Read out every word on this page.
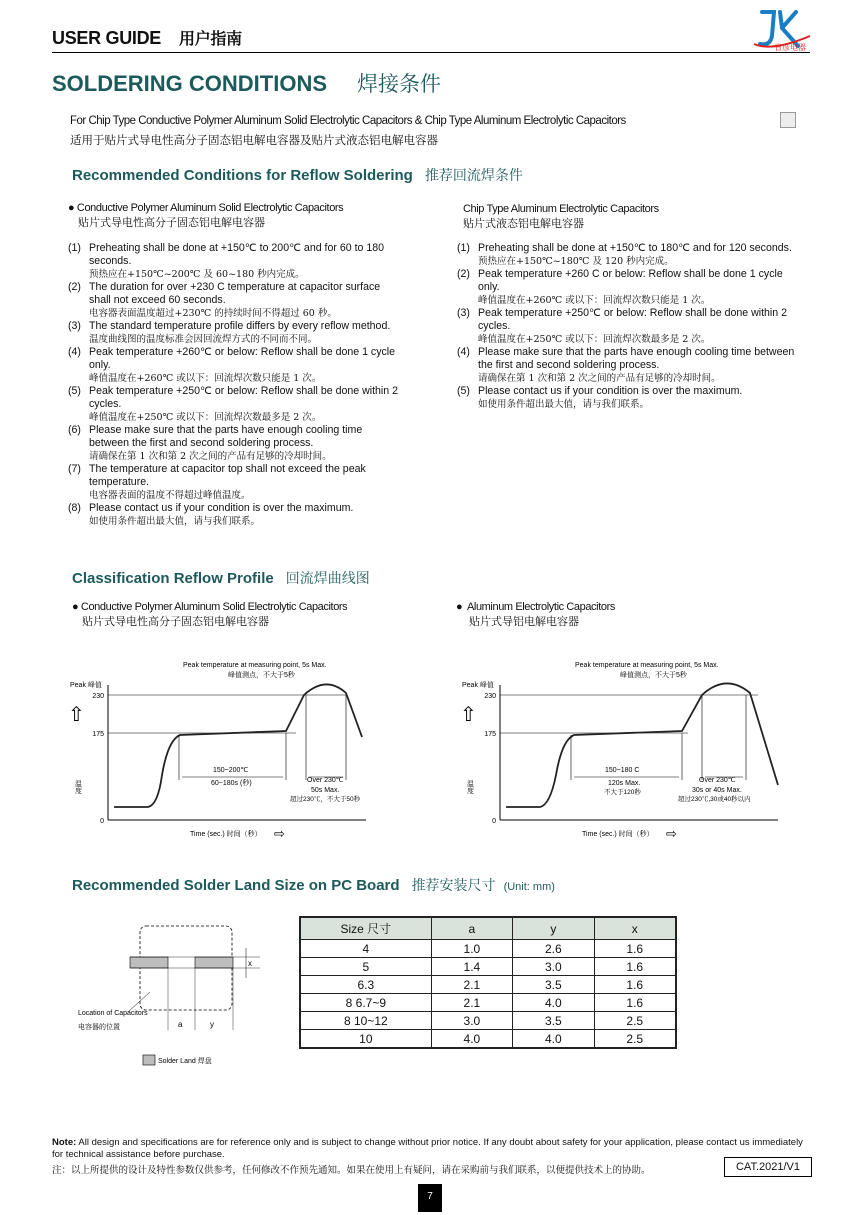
USER GUIDE 用户指南	省彦电器
SOLDERING CONDITIONS 焊接条件
For Chip Type Conductive Polymer Aluminum Solid Electrolytic Capacitors & Chip Type Aluminum Electrolytic Capacitors
适用于贴片式导电性高分子固态铝电解电容器及贴片式液态铝电解电容器
Recommended Conditions for Reflow Soldering 推荐回流焊条件
● Conductive Polymer Aluminum Solid Electrolytic Capacitors
贴片式导电性高分子固态铝电解电容器
(1) Preheating shall be done at +150℃ to 200℃ and for 60 to 180 seconds.
预热应在+150℃~200℃ 及 60~180 秒内完成。
(2) The duration for over +230 C temperature at capacitor surface shall not exceed 60 seconds.
电容器表面温度超过+230℃ 的持续时间不得超过 60 秒。
(3) The standard temperature profile differs by every reflow method.
温度曲线图的温度标准会因回流焊方式的不同而不同。
(4) Peak temperature +260℃ or below: Reflow shall be done 1 cycle only.
峰值温度在+260℃ 或以下：回流焊次数只能是 1 次。
(5) Peak temperature +250℃ or below: Reflow shall be done within 2 cycles.
峰值温度在+250℃ 或以下：回流焊次数最多是 2 次。
(6) Please make sure that the parts have enough cooling time between the first and second soldering process.
请确保在第 1 次和第 2 次之间的产品有足够的冷却时间。
(7) The temperature at capacitor top shall not exceed the peak temperature.
电容器表面的温度不得超过峰值温度。
(8) Please contact us if your condition is over the maximum.
如使用条件超出最大值，请与我们联系。
Chip Type Aluminum Electrolytic Capacitors
贴片式液态铝电解电容器
(1) Preheating shall be done at +150℃ to 180℃ and for 120 seconds.
预热应在+150℃~180℃ 及 120 秒内完成。
(2) Peak temperature +260 C or below: Reflow shall be done 1 cycle only.
峰值温度在+260℃ 或以下：回流焊次数只能是 1 次。
(3) Peak temperature +250℃ or below: Reflow shall be done within 2 cycles.
峰值温度在+250℃ 或以下：回流焊次数最多是 2 次。
(4) Please make sure that the parts have enough cooling time between the first and second soldering process.
请确保在第 1 次和第 2 次之间的产品有足够的冷却时间。
(5) Please contact us if your condition is over the maximum.
如使用条件超出最大值，请与我们联系。
Classification Reflow Profile 回流焊曲线图
● Conductive Polymer Aluminum Solid Electrolytic Capacitors
贴片式导电性高分子固态铝电解电容器
● Aluminum Electrolytic Capacitors
贴片式导铝电解电容器
Peak temperature at measuring point, 5s Max.
峰值测点，不大于5秒
Peak 峰值
⇧
温度
230
175
0
150~200℃
60~180s (秒)	Over 230℃
50s Max.
超过230℃，不大于50秒
Time (sec.) 时间（秒） ⇨
Peak temperature at measuring point, 5s Max.
峰值测点，不大于5秒
Peak 峰值
⇧
温度
230
175
0
150~180 C
120s Max.
不大于120秒
Over 230℃
30s or 40s Max.
超过230℃,30或40秒以内
Time (sec.) 时间（秒） ⇨
Recommended Solder Land Size on PC Board 推荐安装尺寸 (Unit: mm)
x
a	y
Location of Capacitors
电容器的位置
Solder Land 焊盘
Size 尺寸	a	y	x
4	1.0	2.6	1.6
5	1.4	3.0	1.6
6.3	2.1	3.5	1.6
8 6.7~9	2.1	4.0	1.6
8 10~12	3.0	3.5	2.5
10	4.0	4.0	2.5
Note: All design and specifications are for reference only and is subject to change without prior notice. If any doubt about safety for your application, please contact us immediately for technical assistance before purchase.
注：以上所提供的设计及特性参数仅供参考，任何修改不作预先通知。如果在使用上有疑问，请在采购前与我们联系，以便提供技术上的协助。	CAT.2021/V1
7
